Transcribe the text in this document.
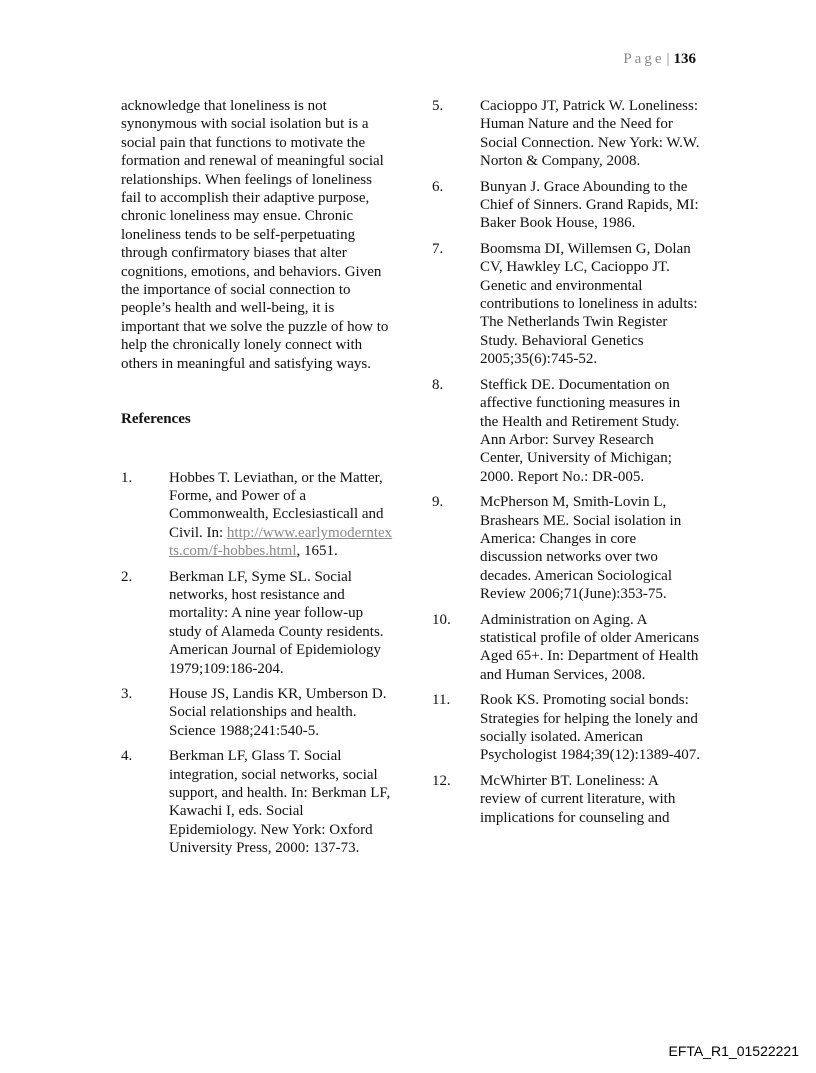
Page | 136

acknowledge that loneliness is not synonymous with social isolation but is a social pain that functions to motivate the formation and renewal of meaningful social relationships. When feelings of loneliness fail to accomplish their adaptive purpose, chronic loneliness may ensue. Chronic loneliness tends to be self-perpetuating through confirmatory biases that alter cognitions, emotions, and behaviors. Given the importance of social connection to people’s health and well-being, it is important that we solve the puzzle of how to help the chronically lonely connect with others in meaningful and satisfying ways.

References
1.	Hobbes T. Leviathan, or the Matter, Forme, and Power of a Commonwealth, Ecclesiasticall and Civil. In: http://www.earlymoderntexts.com/f-hobbes.html, 1651.
2.	Berkman LF, Syme SL. Social networks, host resistance and mortality: A nine year follow-up study of Alameda County residents. American Journal of Epidemiology 1979;109:186-204.
3.	House JS, Landis KR, Umberson D. Social relationships and health. Science 1988;241:540-5.
4.	Berkman LF, Glass T. Social integration, social networks, social support, and health. In: Berkman LF, Kawachi I, eds. Social Epidemiology. New York: Oxford University Press, 2000: 137-73.
5.	Cacioppo JT, Patrick W. Loneliness: Human Nature and the Need for Social Connection. New York: W.W. Norton & Company, 2008.
6.	Bunyan J. Grace Abounding to the Chief of Sinners. Grand Rapids, MI: Baker Book House, 1986.
7.	Boomsma DI, Willemsen G, Dolan CV, Hawkley LC, Cacioppo JT. Genetic and environmental contributions to loneliness in adults: The Netherlands Twin Register Study. Behavioral Genetics 2005;35(6):745-52.
8.	Steffick DE. Documentation on affective functioning measures in the Health and Retirement Study. Ann Arbor: Survey Research Center, University of Michigan; 2000. Report No.: DR-005.
9.	McPherson M, Smith-Lovin L, Brashears ME. Social isolation in America: Changes in core discussion networks over two decades. American Sociological Review 2006;71(June):353-75.
10.	Administration on Aging. A statistical profile of older Americans Aged 65+. In: Department of Health and Human Services, 2008.
11.	Rook KS. Promoting social bonds: Strategies for helping the lonely and socially isolated. American Psychologist 1984;39(12):1389-407.
12.	McWhirter BT. Loneliness: A review of current literature, with implications for counseling and
EFTA_R1_01522221
